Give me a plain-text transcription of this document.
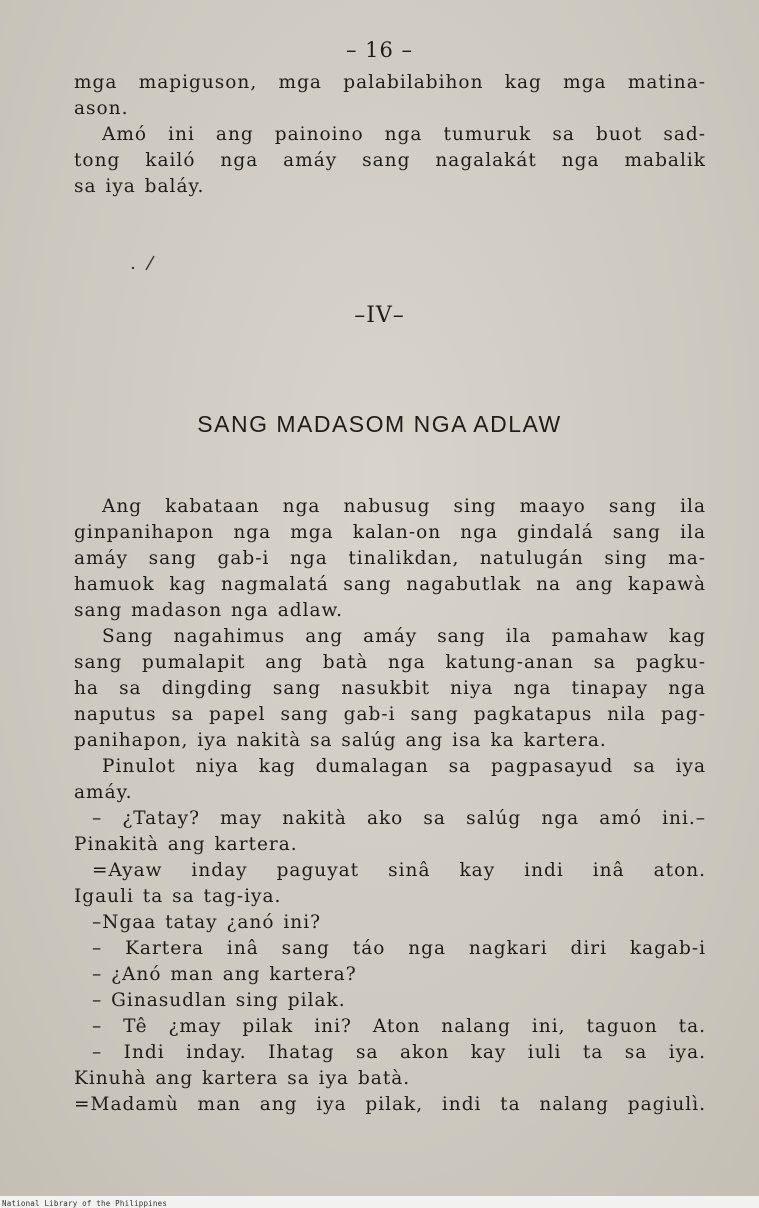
– 16 –
mga mapiguson, mga palabilabihon kag mga matina-
ason.
Amó ini ang painoino nga tumuruk sa buot sad-
tong kailó nga amáy sang nagalakát nga mabalik
sa iya baláy.
–IV–
SANG MADASOM NGA ADLAW
Ang kabataan nga nabusug sing maayo sang ila
ginpanihapon nga mga kalan-on nga gindalá sang ila
amáy sang gab-i nga tinalikdan, natulugán sing ma-
hamuok kag nagmalatá sang nagabutlak na ang kapawà
sang madason nga adlaw.
Sang nagahimus ang amáy sang ila pamahaw kag
sang pumalapit ang batà nga katung-anan sa pagku-
ha sa dingding sang nasukbit niya nga tinapay nga
naputus sa papel sang gab-i sang pagkatapus nila pag-
panihapon, iya nakità sa salúg ang isa ka kartera.
Pinulot niya kag dumalagan sa pagpasayud sa iya
amáy.
– ¿Tatay? may nakità ako sa salúg nga amó ini.–
Pinakità ang kartera.
=Ayaw inday paguyat sinâ kay indi inâ aton.
Igauli ta sa tag-iya.
–Ngaa tatay ¿anó ini?
– Kartera inâ sang táo nga nagkari diri kagab-i
– ¿Anó man ang kartera?
– Ginasudlan sing pilak.
– Tê ¿may pilak ini? Aton nalang ini, taguon ta.
– Indi inday. Ihatag sa akon kay iuli ta sa iya.
Kinuhà ang kartera sa iya batà.
=Madamù man ang iya pilak, indi ta nalang pagiulì.
National Library of the Philippines
